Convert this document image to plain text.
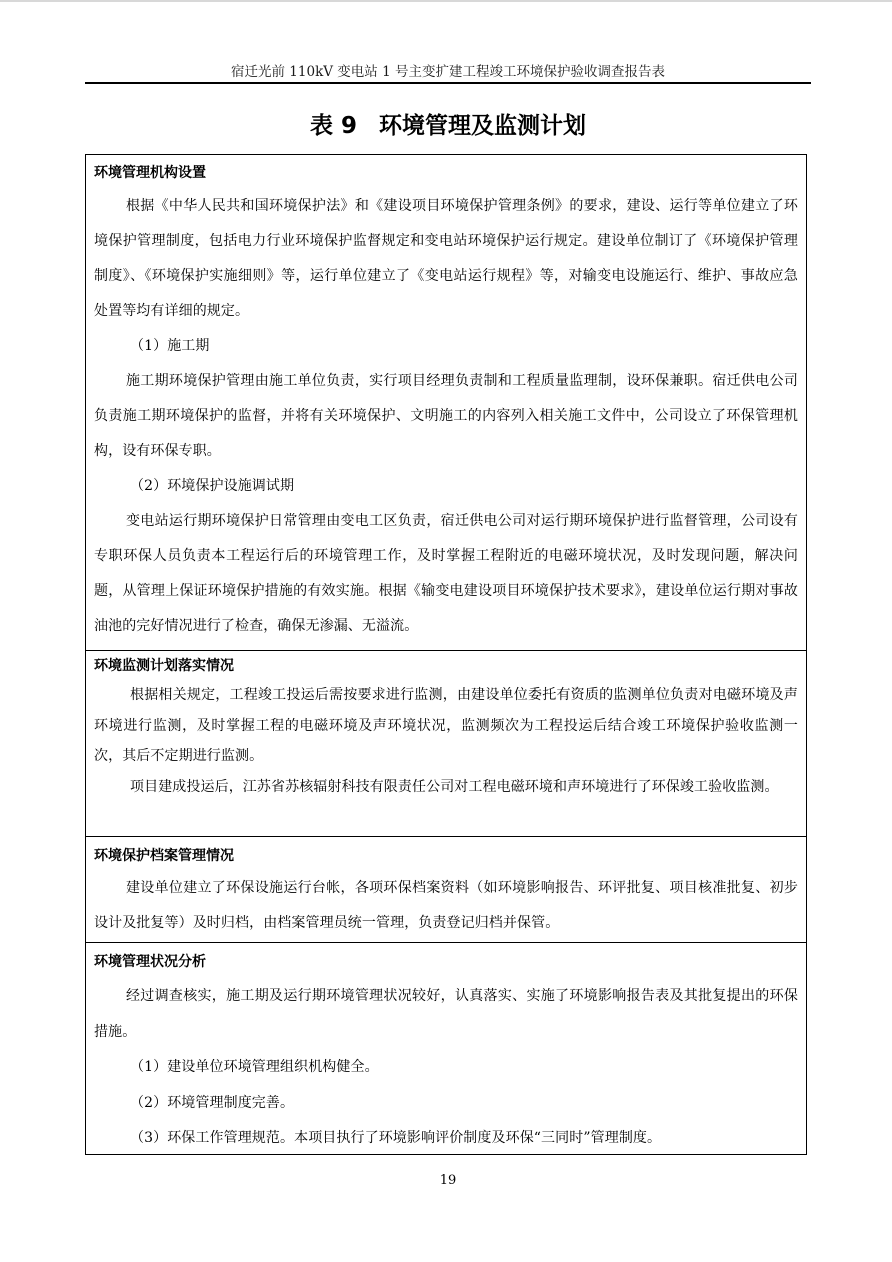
宿迁光前 110kV 变电站 1 号主变扩建工程竣工环境保护验收调查报告表
表 9 环境管理及监测计划
环境管理机构设置

根据《中华人民共和国环境保护法》和《建设项目环境保护管理条例》的要求，建设、运行等单位建立了环境保护管理制度，包括电力行业环境保护监督规定和变电站环境保护运行规定。建设单位制订了《环境保护管理制度》、《环境保护实施细则》等，运行单位建立了《变电站运行规程》等，对输变电设施运行、维护、事故应急处置等均有详细的规定。

（1）施工期

施工期环境保护管理由施工单位负责，实行项目经理负责制和工程质量监理制，设环保兼职。宿迁供电公司负责施工期环境保护的监督，并将有关环境保护、文明施工的内容列入相关施工文件中，公司设立了环保管理机构，设有环保专职。

（2）环境保护设施调试期

变电站运行期环境保护日常管理由变电工区负责，宿迁供电公司对运行期环境保护进行监督管理，公司设有专职环保人员负责本工程运行后的环境管理工作，及时掌握工程附近的电磁环境状况，及时发现问题，解决问题，从管理上保证环境保护措施的有效实施。根据《输变电建设项目环境保护技术要求》，建设单位运行期对事故油池的完好情况进行了检查，确保无渗漏、无溢流。

环境监测计划落实情况

根据相关规定，工程竣工投运后需按要求进行监测，由建设单位委托有资质的监测单位负责对电磁环境及声环境进行监测，及时掌握工程的电磁环境及声环境状况，监测频次为工程投运后结合竣工环境保护验收监测一次，其后不定期进行监测。

项目建成投运后，江苏省苏核辐射科技有限责任公司对工程电磁环境和声环境进行了环保竣工验收监测。

环境保护档案管理情况

建设单位建立了环保设施运行台帐，各项环保档案资料（如环境影响报告、环评批复、项目核准批复、初步设计及批复等）及时归档，由档案管理员统一管理，负责登记归档并保管。

环境管理状况分析

经过调查核实，施工期及运行期环境管理状况较好，认真落实、实施了环境影响报告表及其批复提出的环保措施。

（1）建设单位环境管理组织机构健全。

（2）环境管理制度完善。

（3）环保工作管理规范。本项目执行了环境影响评价制度及环保“三同时”管理制度。

19
